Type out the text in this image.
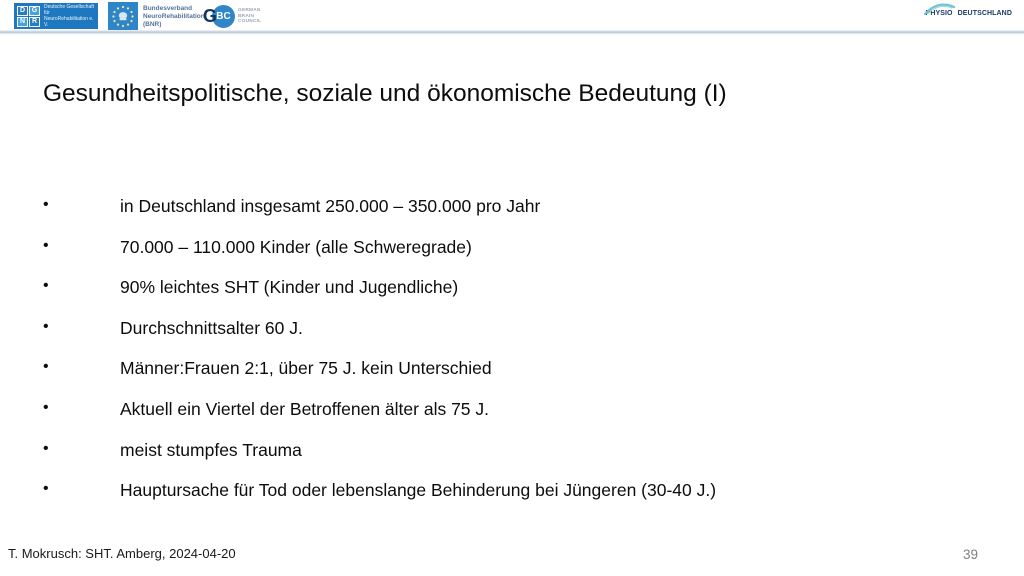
D G
N R
Deutsche Gesellschaft für
NeuroRehabilitation e. V.
Bundesverband
NeuroRehabilitation
(BNR)	G BC
GERMAN
BRAIN
COUNCIL
PHYSIO DEUTSCHLAND
Gesundheitspolitische, soziale und ökonomische Bedeutung (I)
•	in Deutschland insgesamt 250.000 – 350.000 pro Jahr
•	70.000 – 110.000 Kinder (alle Schweregrade)
•	90% leichtes SHT (Kinder und Jugendliche)
•	Durchschnittsalter 60 J.
•	Männer:Frauen 2:1, über 75 J. kein Unterschied
•	Aktuell ein Viertel der Betroffenen älter als 75 J.
•	meist stumpfes Trauma
•	Hauptursache für Tod oder lebenslange Behinderung bei Jüngeren (30-40 J.)
T. Mokrusch: SHT. Amberg, 2024-04-20	39
